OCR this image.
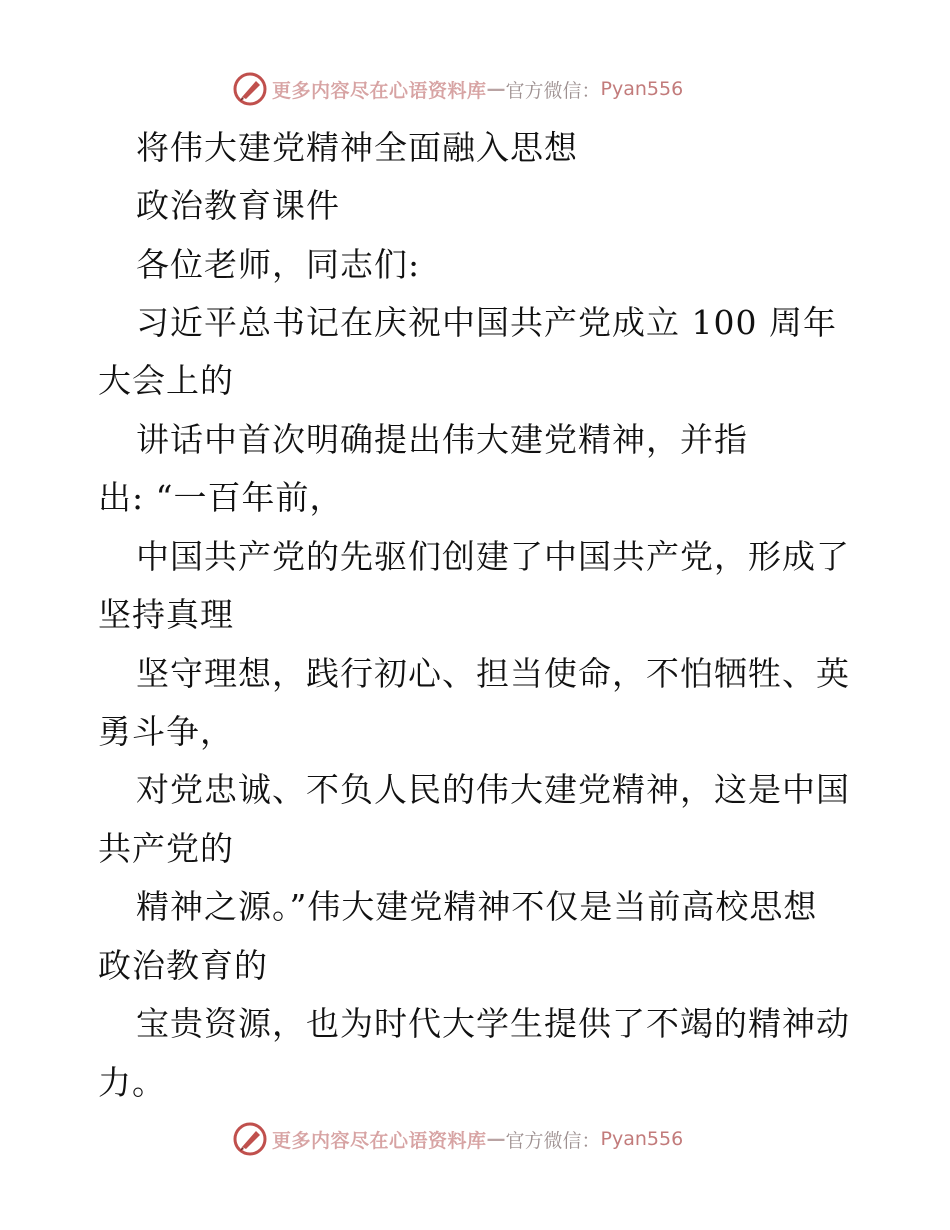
更多内容尽在心语资料库 — 官方微信： Pyan556
将伟大建党精神全面融入思想
政治教育课件
各位老师，同志们:
习近平总书记在庆祝中国共产党成立 100 周年
大会上的
讲话中首次明确提出伟大建党精神，并指
出: “一百年前，
中国共产党的先驱们创建了中国共产党，形成了
坚持真理
坚守理想，践行初心、担当使命，不怕牺牲、英
勇斗争，
对党忠诚、不负人民的伟大建党精神，这是中国
共产党的
精神之源。”伟大建党精神不仅是当前高校思想
政治教育的
宝贵资源，也为时代大学生提供了不竭的精神动
力。
更多内容尽在心语资料库 — 官方微信： Pyan556
